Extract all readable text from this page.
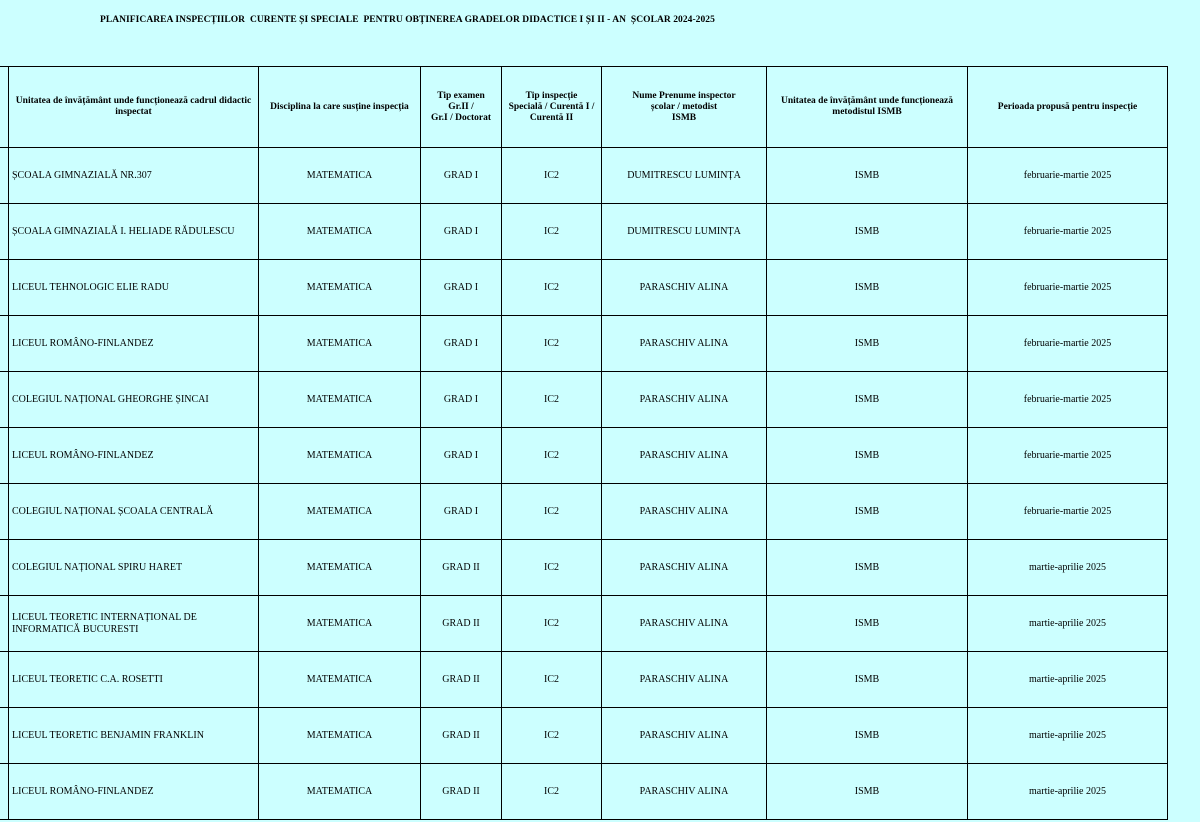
PLANIFICAREA INSPECȚIILOR  CURENTE ȘI SPECIALE  PENTRU OBȚINEREA GRADELOR DIDACTICE I ȘI II - AN  ȘCOLAR 2024-2025
	Unitatea de învățământ unde funcționează cadrul didactic inspectat	Disciplina la care susține inspecția	Tip examen
Gr.II /
Gr.I / Doctorat	Tip inspecție
Specială / Curentă I /
Curentă II	Nume Prenume inspector
școlar / metodist
ISMB	Unitatea de învățământ unde funcționează metodistul ISMB	Perioada propusă pentru inspecție
	ȘCOALA GIMNAZIALĂ NR.307	MATEMATICA	GRAD I	IC2	DUMITRESCU LUMINȚA	ISMB	februarie-martie 2025
	ȘCOALA GIMNAZIALĂ I. HELIADE RĂDULESCU	MATEMATICA	GRAD I	IC2	DUMITRESCU LUMINȚA	ISMB	februarie-martie 2025
	LICEUL TEHNOLOGIC ELIE RADU	MATEMATICA	GRAD I	IC2	PARASCHIV ALINA	ISMB	februarie-martie 2025
	LICEUL ROMÂNO-FINLANDEZ	MATEMATICA	GRAD I	IC2	PARASCHIV ALINA	ISMB	februarie-martie 2025
	COLEGIUL NAȚIONAL GHEORGHE ȘINCAI	MATEMATICA	GRAD I	IC2	PARASCHIV ALINA	ISMB	februarie-martie 2025
	LICEUL ROMÂNO-FINLANDEZ	MATEMATICA	GRAD I	IC2	PARASCHIV ALINA	ISMB	februarie-martie 2025
	COLEGIUL NAȚIONAL ȘCOALA CENTRALĂ	MATEMATICA	GRAD I	IC2	PARASCHIV ALINA	ISMB	februarie-martie 2025
	COLEGIUL NAȚIONAL SPIRU HARET	MATEMATICA	GRAD II	IC2	PARASCHIV ALINA	ISMB	martie-aprilie 2025
	LICEUL TEORETIC INTERNAȚIONAL DE INFORMATICĂ BUCURESTI	MATEMATICA	GRAD II	IC2	PARASCHIV ALINA	ISMB	martie-aprilie 2025
	LICEUL TEORETIC C.A. ROSETTI	MATEMATICA	GRAD II	IC2	PARASCHIV ALINA	ISMB	martie-aprilie 2025
	LICEUL TEORETIC BENJAMIN FRANKLIN	MATEMATICA	GRAD II	IC2	PARASCHIV ALINA	ISMB	martie-aprilie 2025
	LICEUL ROMÂNO-FINLANDEZ	MATEMATICA	GRAD II	IC2	PARASCHIV ALINA	ISMB	martie-aprilie 2025
